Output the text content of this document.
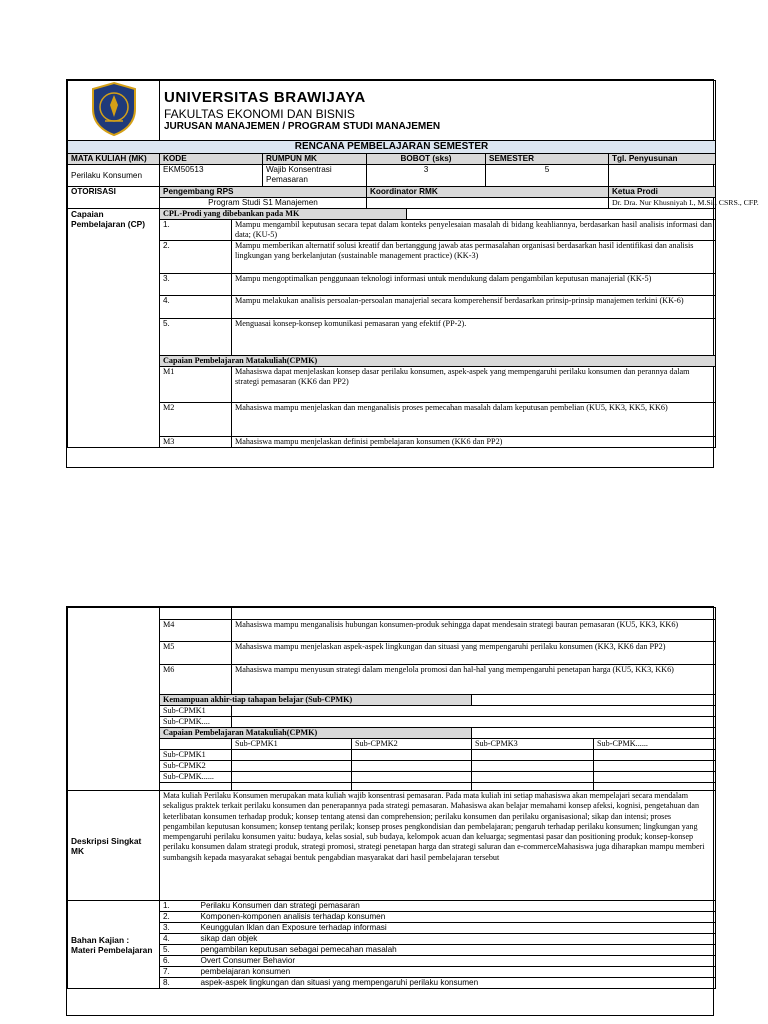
UNIVERSITAS BRAWIJAYA
FAKULTAS EKONOMI DAN BISNIS
JURUSAN MANAJEMEN / PROGRAM STUDI MANAJEMEN				

RENCANA PEMBELAJARAN SEMESTER					
MATA KULIAH (MK)	KODE	RUMPUN MK	BOBOT (sks)	SEMESTER	Tgl. Penyusunan
Perilaku Konsumen	EKM50513	Wajib Konsentrasi Pemasaran	3	5	
OTORISASI	Pengembang RPS		Koordinator RMK		Ketua Prodi
	Program Studi S1 Manajemen				Dr. Dra. Nur Khusniyah I., M.Si., CSRS., CFP.
Capaian Pembelajaran (CP)	CPL-Prodi yang dibebankan pada MK	

	1.	Mampu mengambil keputusan secara tepat dalam konteks penyelesaian masalah di bidang keahliannya, berdasarkan hasil analisis informasi dan data; (KU-5)
	2.	Mampu memberikan alternatif solusi kreatif dan bertanggung jawab atas permasalahan organisasi berdasarkan hasil identifikasi dan analisis lingkungan yang berkelanjutan (sustainable management practice) (KK-3)
	3.	Mampu mengoptimalkan penggunaan teknologi informasi untuk mendukung dalam pengambilan keputusan manajerial (KK-5)
	4.	Mampu melakukan analisis persoalan-persoalan manajerial secara komperehensif berdasarkan prinsip-prinsip manajemen terkini (KK-6)
	5.	Menguasai konsep-konsep komunikasi pemasaran yang efektif (PP-2).
	Capaian Pembelajaran Matakuliah(CPMK)	
	M1	Mahasiswa dapat menjelaskan konsep dasar perilaku konsumen, aspek-aspek yang mempengaruhi perilaku konsumen dan perannya dalam strategi pemasaran (KK6 dan PP2)
	M2	Mahasiswa mampu menjelaskan dan menganalisis proses pemecahan masalah dalam keputusan pembelian (KU5, KK3, KK5, KK6)
	M3	Mahasiswa mampu menjelaskan definisi pembelajaran konsumen (KK6 dan PP2)

	M4	Mahasiswa mampu menganalisis hubungan konsumen-produk sehingga dapat mendesain strategi bauran pemasaran (KU5, KK3, KK6)			
	M5	Mahasiswa mampu menjelaskan aspek-aspek lingkungan dan situasi yang mempengaruhi perilaku konsumen (KK3, KK6 dan PP2)			
	M6	Mahasiswa mampu menyusun strategi dalam mengelola promosi dan hal-hal yang mempengaruhi penetapan harga (KU5, KK3, KK6)			
	Kemampuan akhir-tiap tahapan belajar (Sub-CPMK)				
	Sub-CPMK1				
	Sub-CPMK....				
	Capaian Pembelajaran Matakuliah(CPMK)				
		Sub-CPMK1	Sub-CPMK2	Sub-CPMK3	Sub-CPMK......
	Sub-CPMK1				
	Sub-CPMK2				
	Sub-CPMK......				

Deskripsi Singkat MK	Mata kuliah Perilaku Konsumen merupakan mata kuliah wajib konsentrasi pemasaran. Pada mata kuliah ini setiap mahasiswa akan mempelajari secara mendalam sekaligus praktek terkait perilaku konsumen dan penerapannya pada strategi pemasaran. Mahasiswa akan belajar memahami konsep afeksi, kognisi, pengetahuan dan keterlibatan konsumen terhadap produk; konsep tentang atensi dan comprehension; perilaku konsumen dan perilaku organisasional; sikap dan intensi; proses pengambilan keputusan konsumen; konsep tentang perilak; konsep proses pengkondisian dan pembelajaran; pengaruh terhadap perilaku konsumen; lingkungan yang mempengaruhi perilaku konsumen yaitu: budaya, kelas sosial, sub budaya, kelompok acuan dan keluarga; segmentasi pasar dan positioning produk; konsep-konsep perilaku konsumen dalam strategi produk, strategi promosi, strategi penetapan harga dan strategi saluran dan e-commerceMahasiswa juga diharapkan mampu memberi sumbangsih kepada masyarakat sebagai bentuk pengabdian masyarakat dari hasil pembelajaran tersebut
Bahan Kajian : Materi Pembelajaran	1.	Perilaku Konsumen dan strategi pemasaran
	2.	Komponen-komponen analisis terhadap konsumen
	3.	Keunggulan Iklan dan Exposure terhadap informasi
	4.	sikap dan objek
	5.	pengambilan keputusan sebagai pemecahan masalah
	6.	Overt Consumer Behavior
	7.	pembelajaran konsumen
	8.	aspek-aspek lingkungan dan situasi yang mempengaruhi perilaku konsumen
